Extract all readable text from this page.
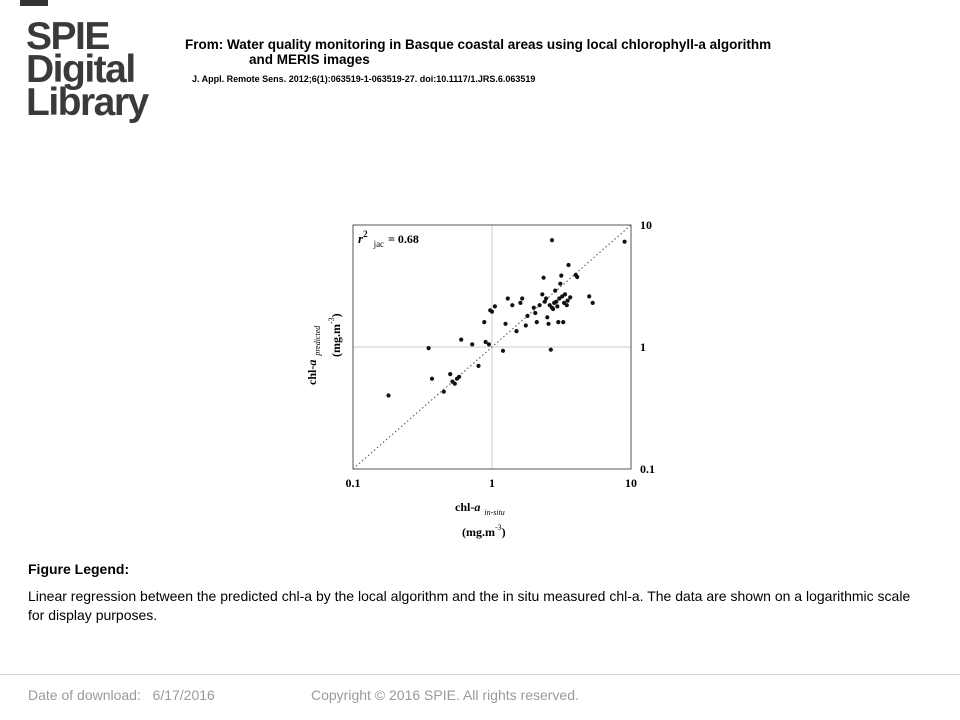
SPIE
Digital
Library
From: Water quality monitoring in Basque coastal areas using local chlorophyll-a algorithm
and MERIS images
J. Appl. Remote Sens. 2012;6(1):063519-1-063519-27. doi:10.1117/1.JRS.6.063519
$r^2_{jac} = 0.68$
0.1	1	10
0.1
1
10
chl-a $_{in-situ}$
$(mg.m^{-3})$
chl-$a_{predicted}$ $(mg.m^{-3})$
Figure Legend:
Linear regression between the predicted chl-a by the local algorithm and the in situ measured chl-a. The data are shown on a logarithmic scale for display purposes.
Date of download: 6/17/2016	Copyright © 2016 SPIE. All rights reserved.
